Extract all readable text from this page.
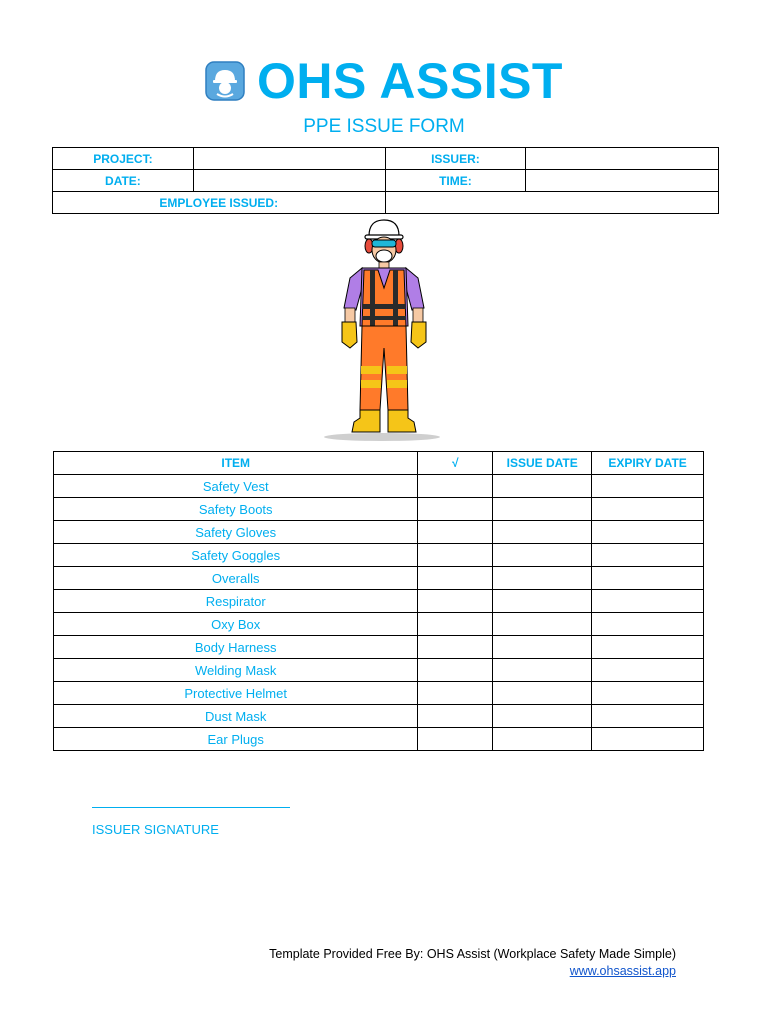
OHS ASSIST
PPE ISSUE FORM
PROJECT:		ISSUER:	
DATE:		TIME:	
EMPLOYEE ISSUED:			
ITEM	√	ISSUE DATE	EXPIRY DATE
Safety Vest			
Safety Boots			
Safety Gloves			
Safety Goggles			
Overalls			
Respirator			
Oxy Box			
Body Harness			
Welding Mask			
Protective Helmet			
Dust Mask			
Ear Plugs			
ISSUER SIGNATURE
Template Provided Free By: OHS Assist (Workplace Safety Made Simple)
www.ohsassist.app
